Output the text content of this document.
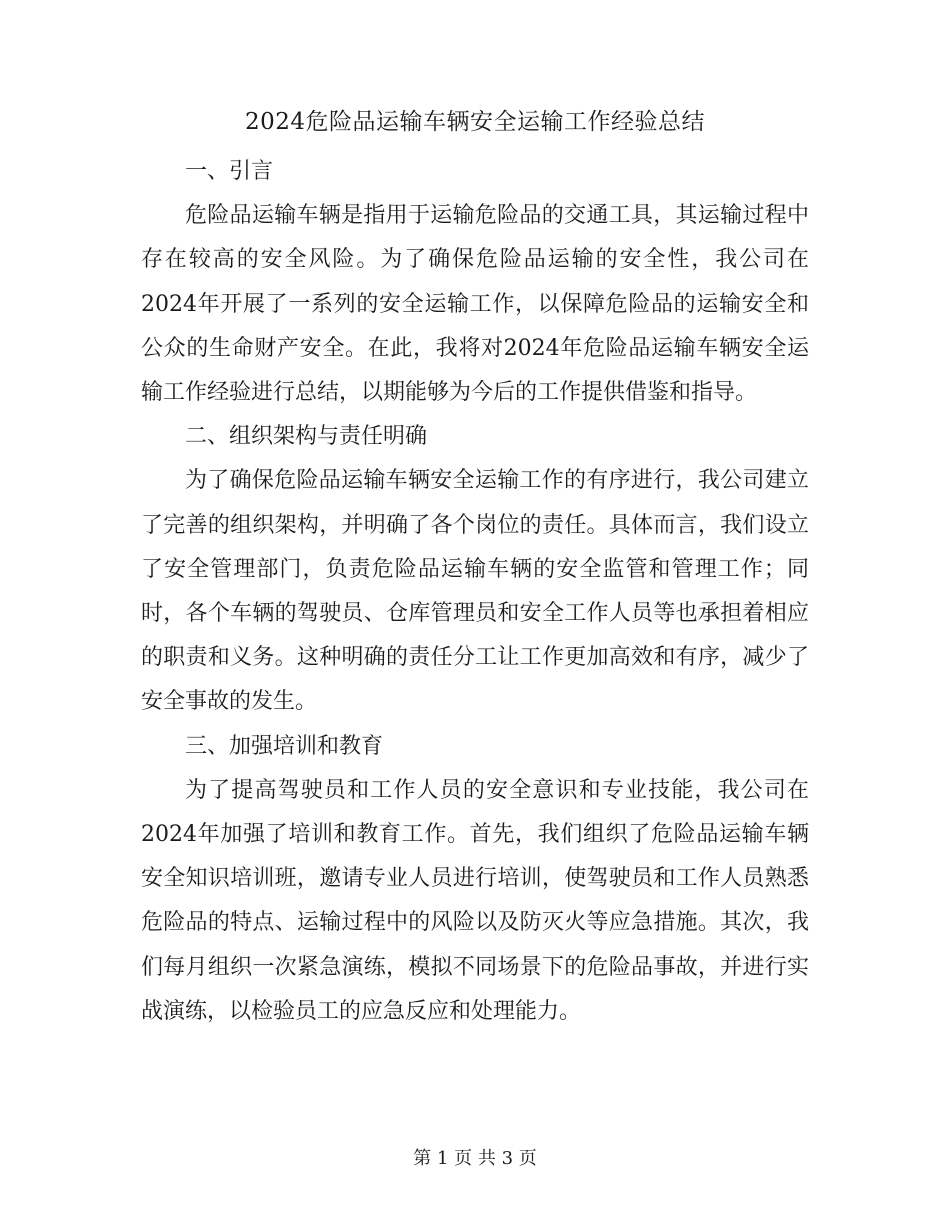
2024危险品运输车辆安全运输工作经验总结

一、引言

危险品运输车辆是指用于运输危险品的交通工具，其运输过程中存在较高的安全风险。为了确保危险品运输的安全性，我公司在2024年开展了一系列的安全运输工作，以保障危险品的运输安全和公众的生命财产安全。在此，我将对2024年危险品运输车辆安全运输工作经验进行总结，以期能够为今后的工作提供借鉴和指导。

二、组织架构与责任明确

为了确保危险品运输车辆安全运输工作的有序进行，我公司建立了完善的组织架构，并明确了各个岗位的责任。具体而言，我们设立了安全管理部门，负责危险品运输车辆的安全监管和管理工作；同时，各个车辆的驾驶员、仓库管理员和安全工作人员等也承担着相应的职责和义务。这种明确的责任分工让工作更加高效和有序，减少了安全事故的发生。

三、加强培训和教育

为了提高驾驶员和工作人员的安全意识和专业技能，我公司在2024年加强了培训和教育工作。首先，我们组织了危险品运输车辆安全知识培训班，邀请专业人员进行培训，使驾驶员和工作人员熟悉危险品的特点、运输过程中的风险以及防灭火等应急措施。其次，我们每月组织一次紧急演练，模拟不同场景下的危险品事故，并进行实战演练，以检验员工的应急反应和处理能力。

第 1 页 共 3 页
